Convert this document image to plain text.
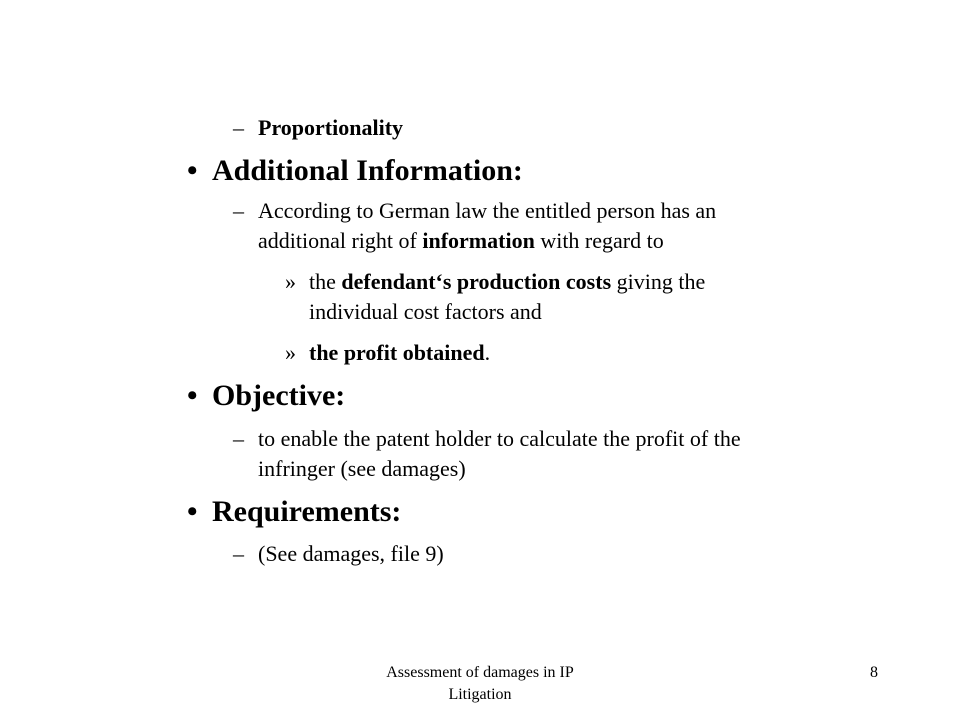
– Proportionality
• Additional Information:
– According to German law the entitled person has an
additional right of information with regard to
» the defendant‘s production costs giving the
individual cost factors and
» the profit obtained.
• Objective:
– to enable the patent holder to calculate the profit of the
infringer (see damages)
• Requirements:
– (See damages, file 9)
Assessment of damages in IP
Litigation
8
